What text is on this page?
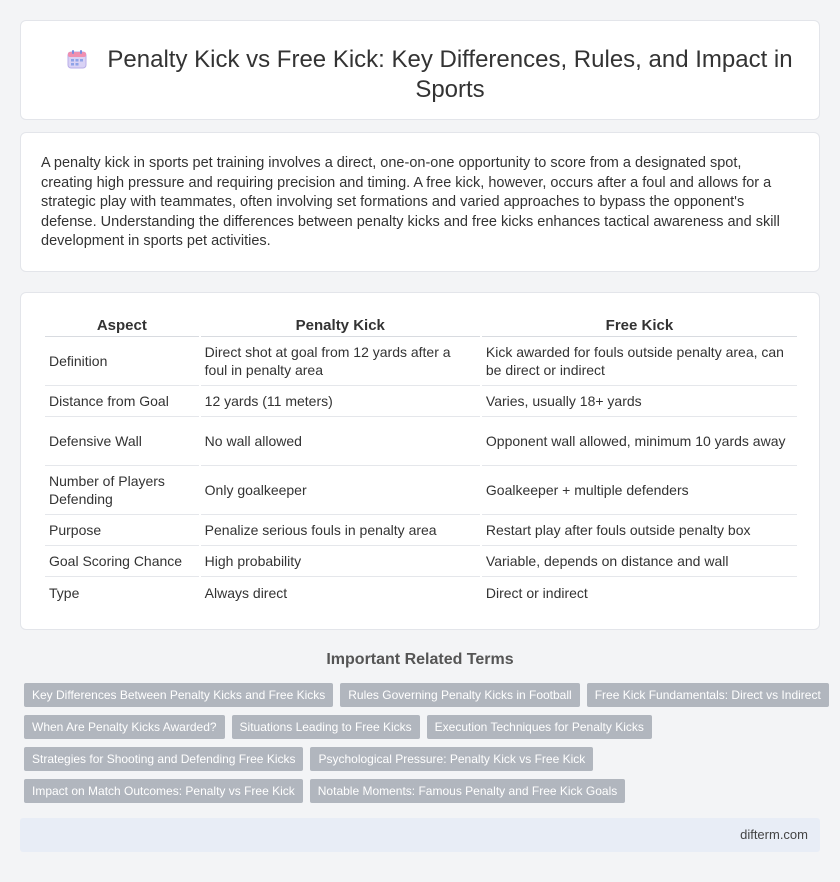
Penalty Kick vs Free Kick: Key Differences, Rules, and Impact in Sports

A penalty kick in sports pet training involves a direct, one-on-one opportunity to score from a designated spot, creating high pressure and requiring precision and timing. A free kick, however, occurs after a foul and allows for a strategic play with teammates, often involving set formations and varied approaches to bypass the opponent's defense. Understanding the differences between penalty kicks and free kicks enhances tactical awareness and skill development in sports pet activities.

Aspect	Penalty Kick	Free Kick
Definition	Direct shot at goal from 12 yards after a foul in penalty area	Kick awarded for fouls outside penalty area, can be direct or indirect
Distance from Goal	12 yards (11 meters)	Varies, usually 18+ yards
Defensive Wall	No wall allowed	Opponent wall allowed, minimum 10 yards away
Number of Players Defending	Only goalkeeper	Goalkeeper + multiple defenders
Purpose	Penalize serious fouls in penalty area	Restart play after fouls outside penalty box
Goal Scoring Chance	High probability	Variable, depends on distance and wall
Type	Always direct	Direct or indirect
Important Related Terms
Key Differences Between Penalty Kicks and Free Kicks	Rules Governing Penalty Kicks in Football	Free Kick Fundamentals: Direct vs Indirect
When Are Penalty Kicks Awarded?	Situations Leading to Free Kicks	Execution Techniques for Penalty Kicks
Strategies for Shooting and Defending Free Kicks	Psychological Pressure: Penalty Kick vs Free Kick
Impact on Match Outcomes: Penalty vs Free Kick	Notable Moments: Famous Penalty and Free Kick Goals
difterm.com
